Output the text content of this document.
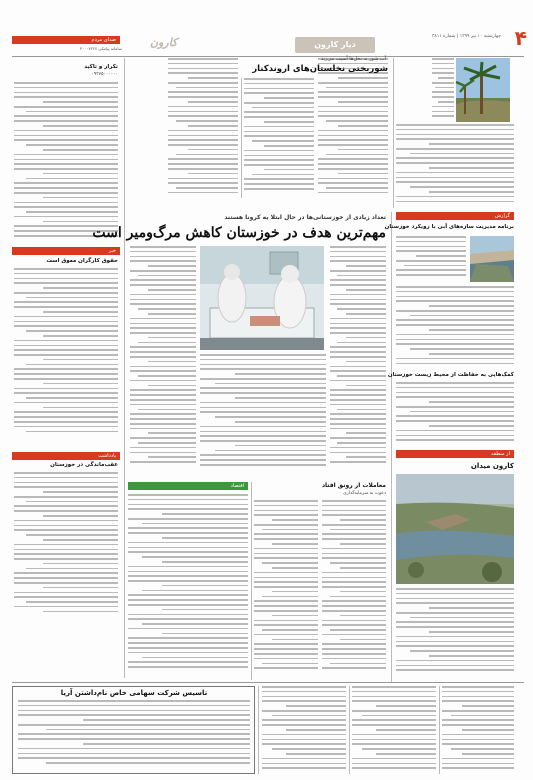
۴
چهارشنبه ۱۰ تیر ۱۳۹۹ | شماره ۳۸۱۱
دیار کارون
کارون
سامانه پیامکی ۳۰۰۰۷۲۲۷
آب شور به نخل‌ها آسیب می‌زند
شوربختی نخلستان‌های اروندکنار
صدای مردم
تکرار و تاکید
۰۹۳۷۵۰۰۰۰۰۰
خبر
حقوق کارگران معوق است
یادداشت
عقب‌ماندگی در خوزستان
تعداد زیادی از خوزستانی‌ها در حال ابتلا به کرونا هستند
مهم‌ترین هدف در خوزستان کاهش مرگ‌ومیر است
گزارش
برنامه مدیریت سازه‌های آبی با رویکرد خوزستان
کمک‌هایی به حفاظت از محیط زیست خوزستان
از منطقه
کارون میدان
اقتصاد	معاملات از رونق افتاد
دعوت به سرمایه‌گذاری
تاسیس شرکت سهامی خاص نام‌داشتن آریا
